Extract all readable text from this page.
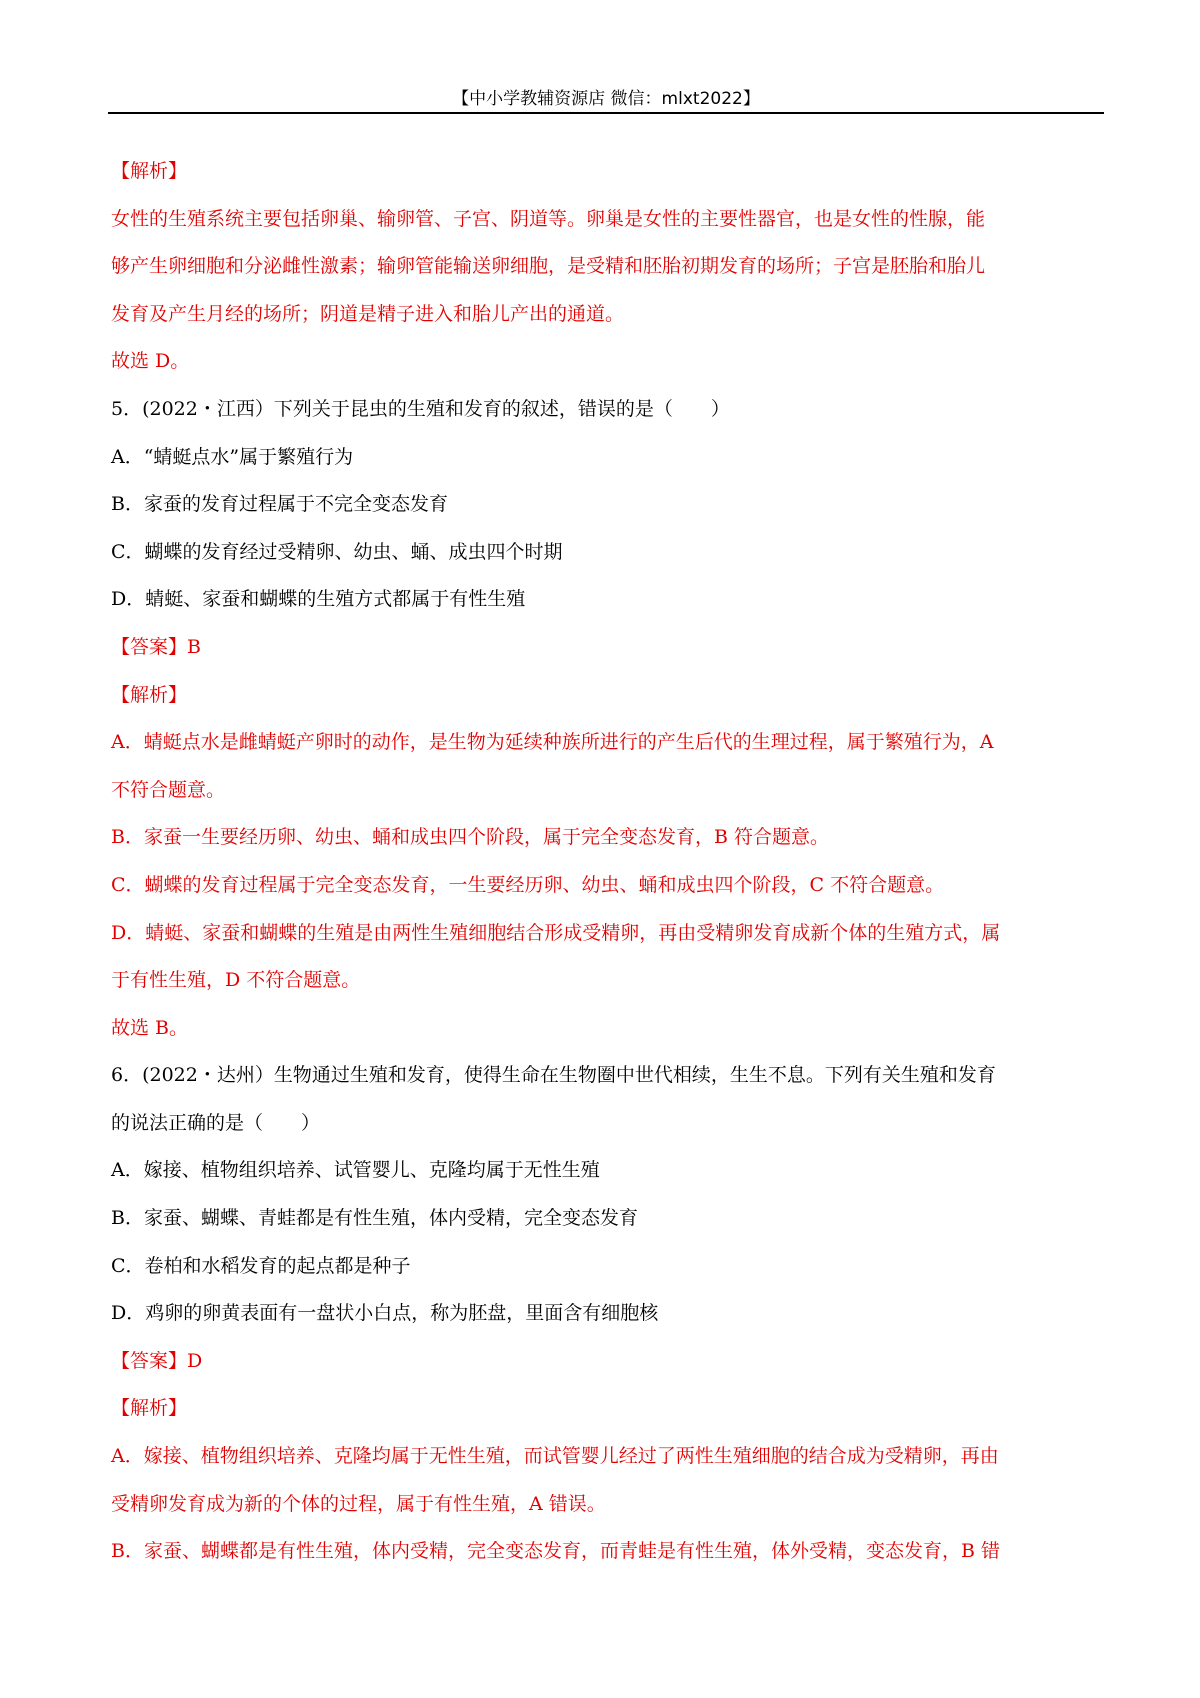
【中小学教辅资源店 微信：mlxt2022】
【解析】
女性的生殖系统主要包括卵巢、输卵管、子宫、阴道等。卵巢是女性的主要性器官，也是女性的性腺，能
够产生卵细胞和分泌雌性激素；输卵管能输送卵细胞，是受精和胚胎初期发育的场所；子宫是胚胎和胎儿
发育及产生月经的场所；阴道是精子进入和胎儿产出的通道。
故选 D。
5．(2022・江西）下列关于昆虫的生殖和发育的叙述，错误的是（　　）
A．“蜻蜓点水”属于繁殖行为
B．家蚕的发育过程属于不完全变态发育
C．蝴蝶的发育经过受精卵、幼虫、蛹、成虫四个时期
D．蜻蜓、家蚕和蝴蝶的生殖方式都属于有性生殖
【答案】B
【解析】
A．蜻蜓点水是雌蜻蜓产卵时的动作，是生物为延续种族所进行的产生后代的生理过程，属于繁殖行为，A
不符合题意。
B．家蚕一生要经历卵、幼虫、蛹和成虫四个阶段，属于完全变态发育，B 符合题意。
C．蝴蝶的发育过程属于完全变态发育，一生要经历卵、幼虫、蛹和成虫四个阶段，C 不符合题意。
D．蜻蜓、家蚕和蝴蝶的生殖是由两性生殖细胞结合形成受精卵，再由受精卵发育成新个体的生殖方式，属
于有性生殖，D 不符合题意。
故选 B。
6．(2022・达州）生物通过生殖和发育，使得生命在生物圈中世代相续，生生不息。下列有关生殖和发育
的说法正确的是（　　）
A．嫁接、植物组织培养、试管婴儿、克隆均属于无性生殖
B．家蚕、蝴蝶、青蛙都是有性生殖，体内受精，完全变态发育
C．卷柏和水稻发育的起点都是种子
D．鸡卵的卵黄表面有一盘状小白点，称为胚盘，里面含有细胞核
【答案】D
【解析】
A．嫁接、植物组织培养、克隆均属于无性生殖，而试管婴儿经过了两性生殖细胞的结合成为受精卵，再由
受精卵发育成为新的个体的过程，属于有性生殖，A 错误。
B．家蚕、蝴蝶都是有性生殖，体内受精，完全变态发育，而青蛙是有性生殖，体外受精，变态发育，B 错
